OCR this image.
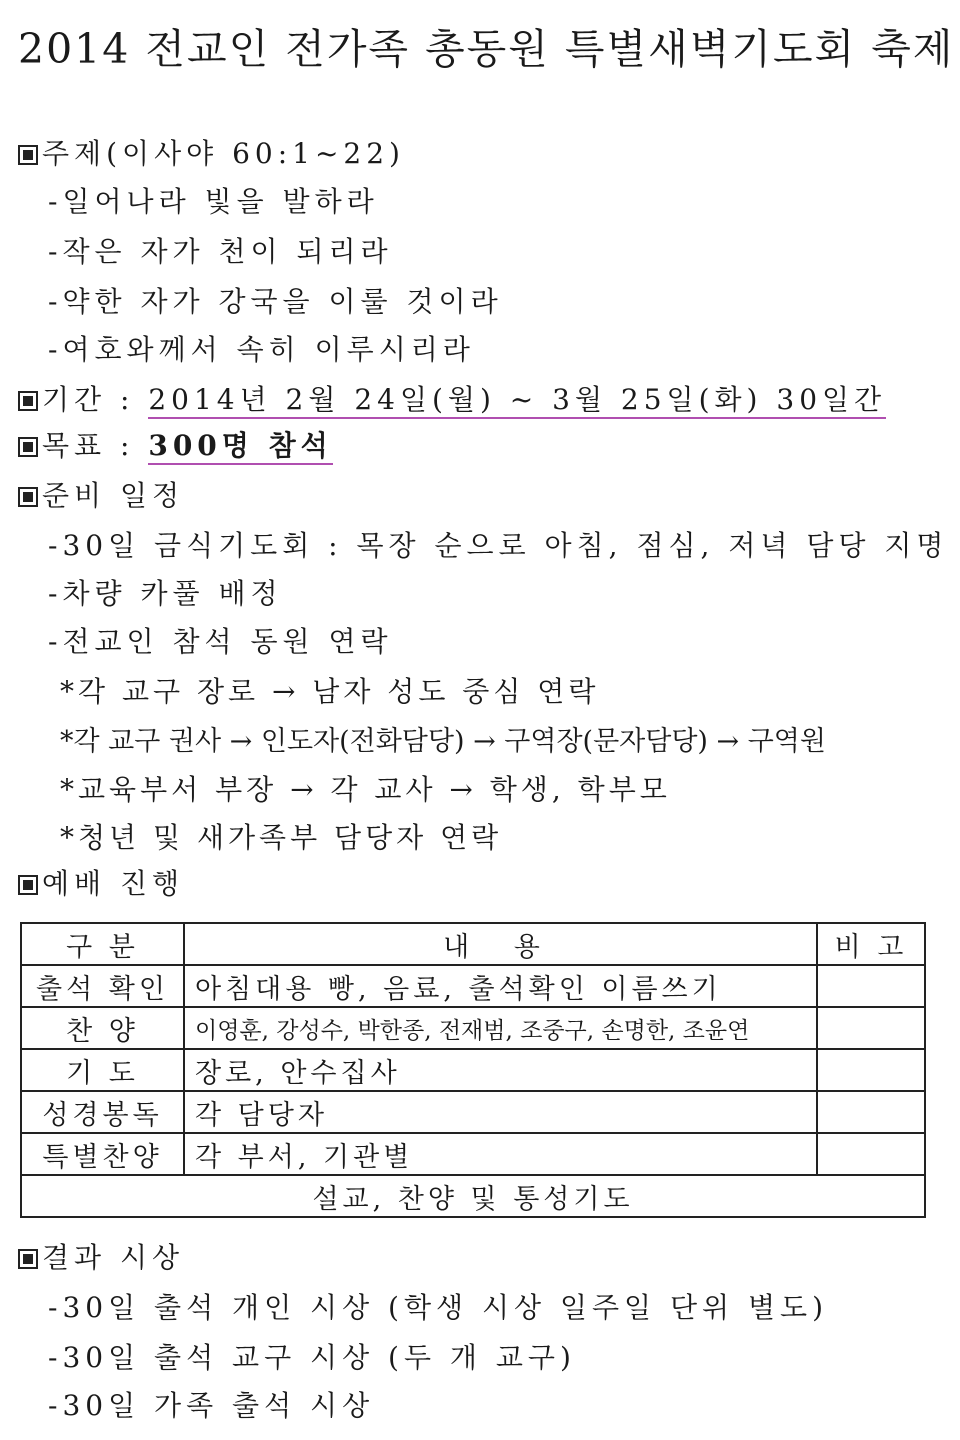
2014 전교인 전가족 총동원 특별새벽기도회 축제
주제(이사야 60:1~22)
-일어나라 빛을 발하라
-작은 자가 천이 되리라
-약한 자가 강국을 이룰 것이라
-여호와께서 속히 이루시리라
기간 : 2014년 2월 24일(월) ~ 3월 25일(화) 30일간
목표 : 300명 참석
준비 일정
-30일 금식기도회 : 목장 순으로 아침, 점심, 저녁 담당 지명
-차량 카풀 배정
-전교인 참석 동원 연락
*각 교구 장로 → 남자 성도 중심 연락
*각 교구 권사 → 인도자(전화담당) → 구역장(문자담당) → 구역원
*교육부서 부장 → 각 교사 → 학생, 학부모
*청년 및 새가족부 담당자 연락
예배 진행
구 분	내 용	비 고
출석 확인	아침대용 빵, 음료, 출석확인 이름쓰기	
찬 양	이영훈, 강성수, 박한종, 전재범, 조중구, 손명한, 조윤연	
기 도	장로, 안수집사	
성경봉독	각 담당자	
특별찬양	각 부서, 기관별	
설교, 찬양 및 통성기도		
결과 시상
-30일 출석 개인 시상 (학생 시상 일주일 단위 별도)
-30일 출석 교구 시상 (두 개 교구)
-30일 가족 출석 시상
